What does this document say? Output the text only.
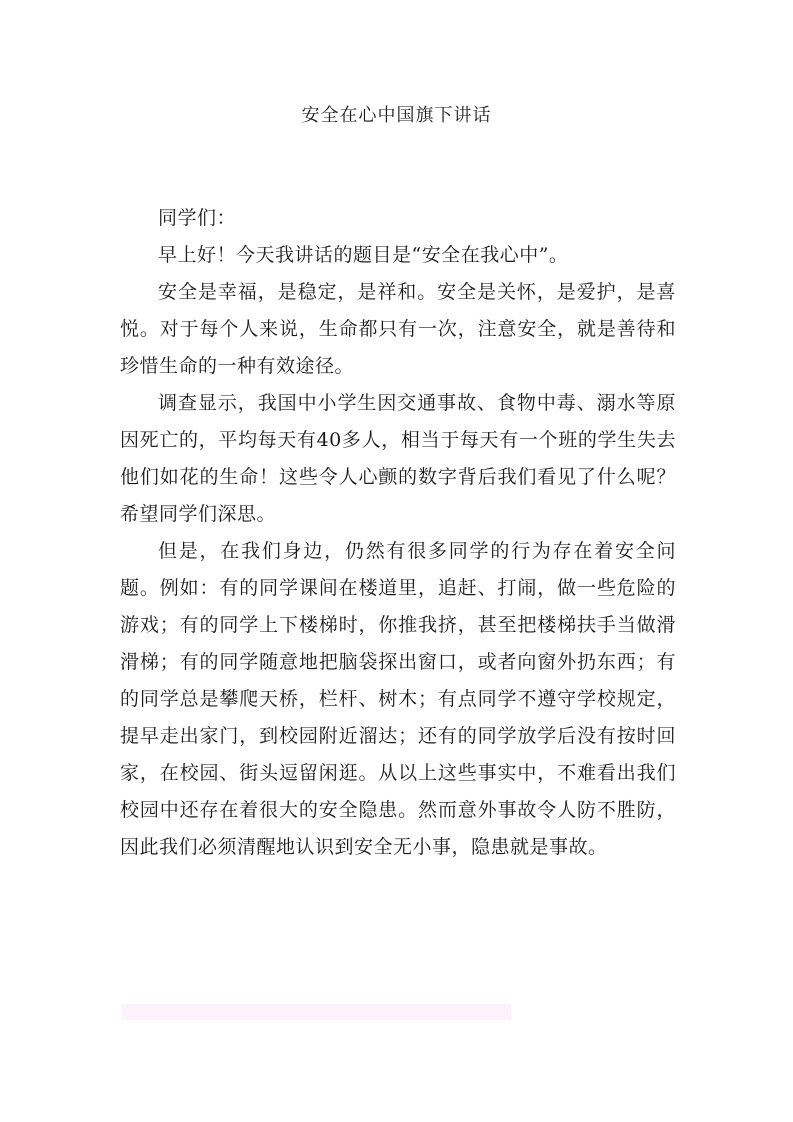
安全在心中国旗下讲话

同学们：

早上好！今天我讲话的题目是“安全在我心中”。

安全是幸福，是稳定，是祥和。安全是关怀，是爱护，是喜悦。对于每个人来说，生命都只有一次，注意安全，就是善待和珍惜生命的一种有效途径。

调查显示，我国中小学生因交通事故、食物中毒、溺水等原因死亡的，平均每天有40多人，相当于每天有一个班的学生失去他们如花的生命！这些令人心颤的数字背后我们看见了什么呢？希望同学们深思。

但是，在我们身边，仍然有很多同学的行为存在着安全问题。例如：有的同学课间在楼道里，追赶、打闹，做一些危险的游戏；有的同学上下楼梯时，你推我挤，甚至把楼梯扶手当做滑滑梯；有的同学随意地把脑袋探出窗口，或者向窗外扔东西；有的同学总是攀爬天桥，栏杆、树木；有点同学不遵守学校规定，提早走出家门，到校园附近溜达；还有的同学放学后没有按时回家，在校园、街头逗留闲逛。从以上这些事实中，不难看出我们校园中还存在着很大的安全隐患。然而意外事故令人防不胜防，因此我们必须清醒地认识到安全无小事，隐患就是事故。
